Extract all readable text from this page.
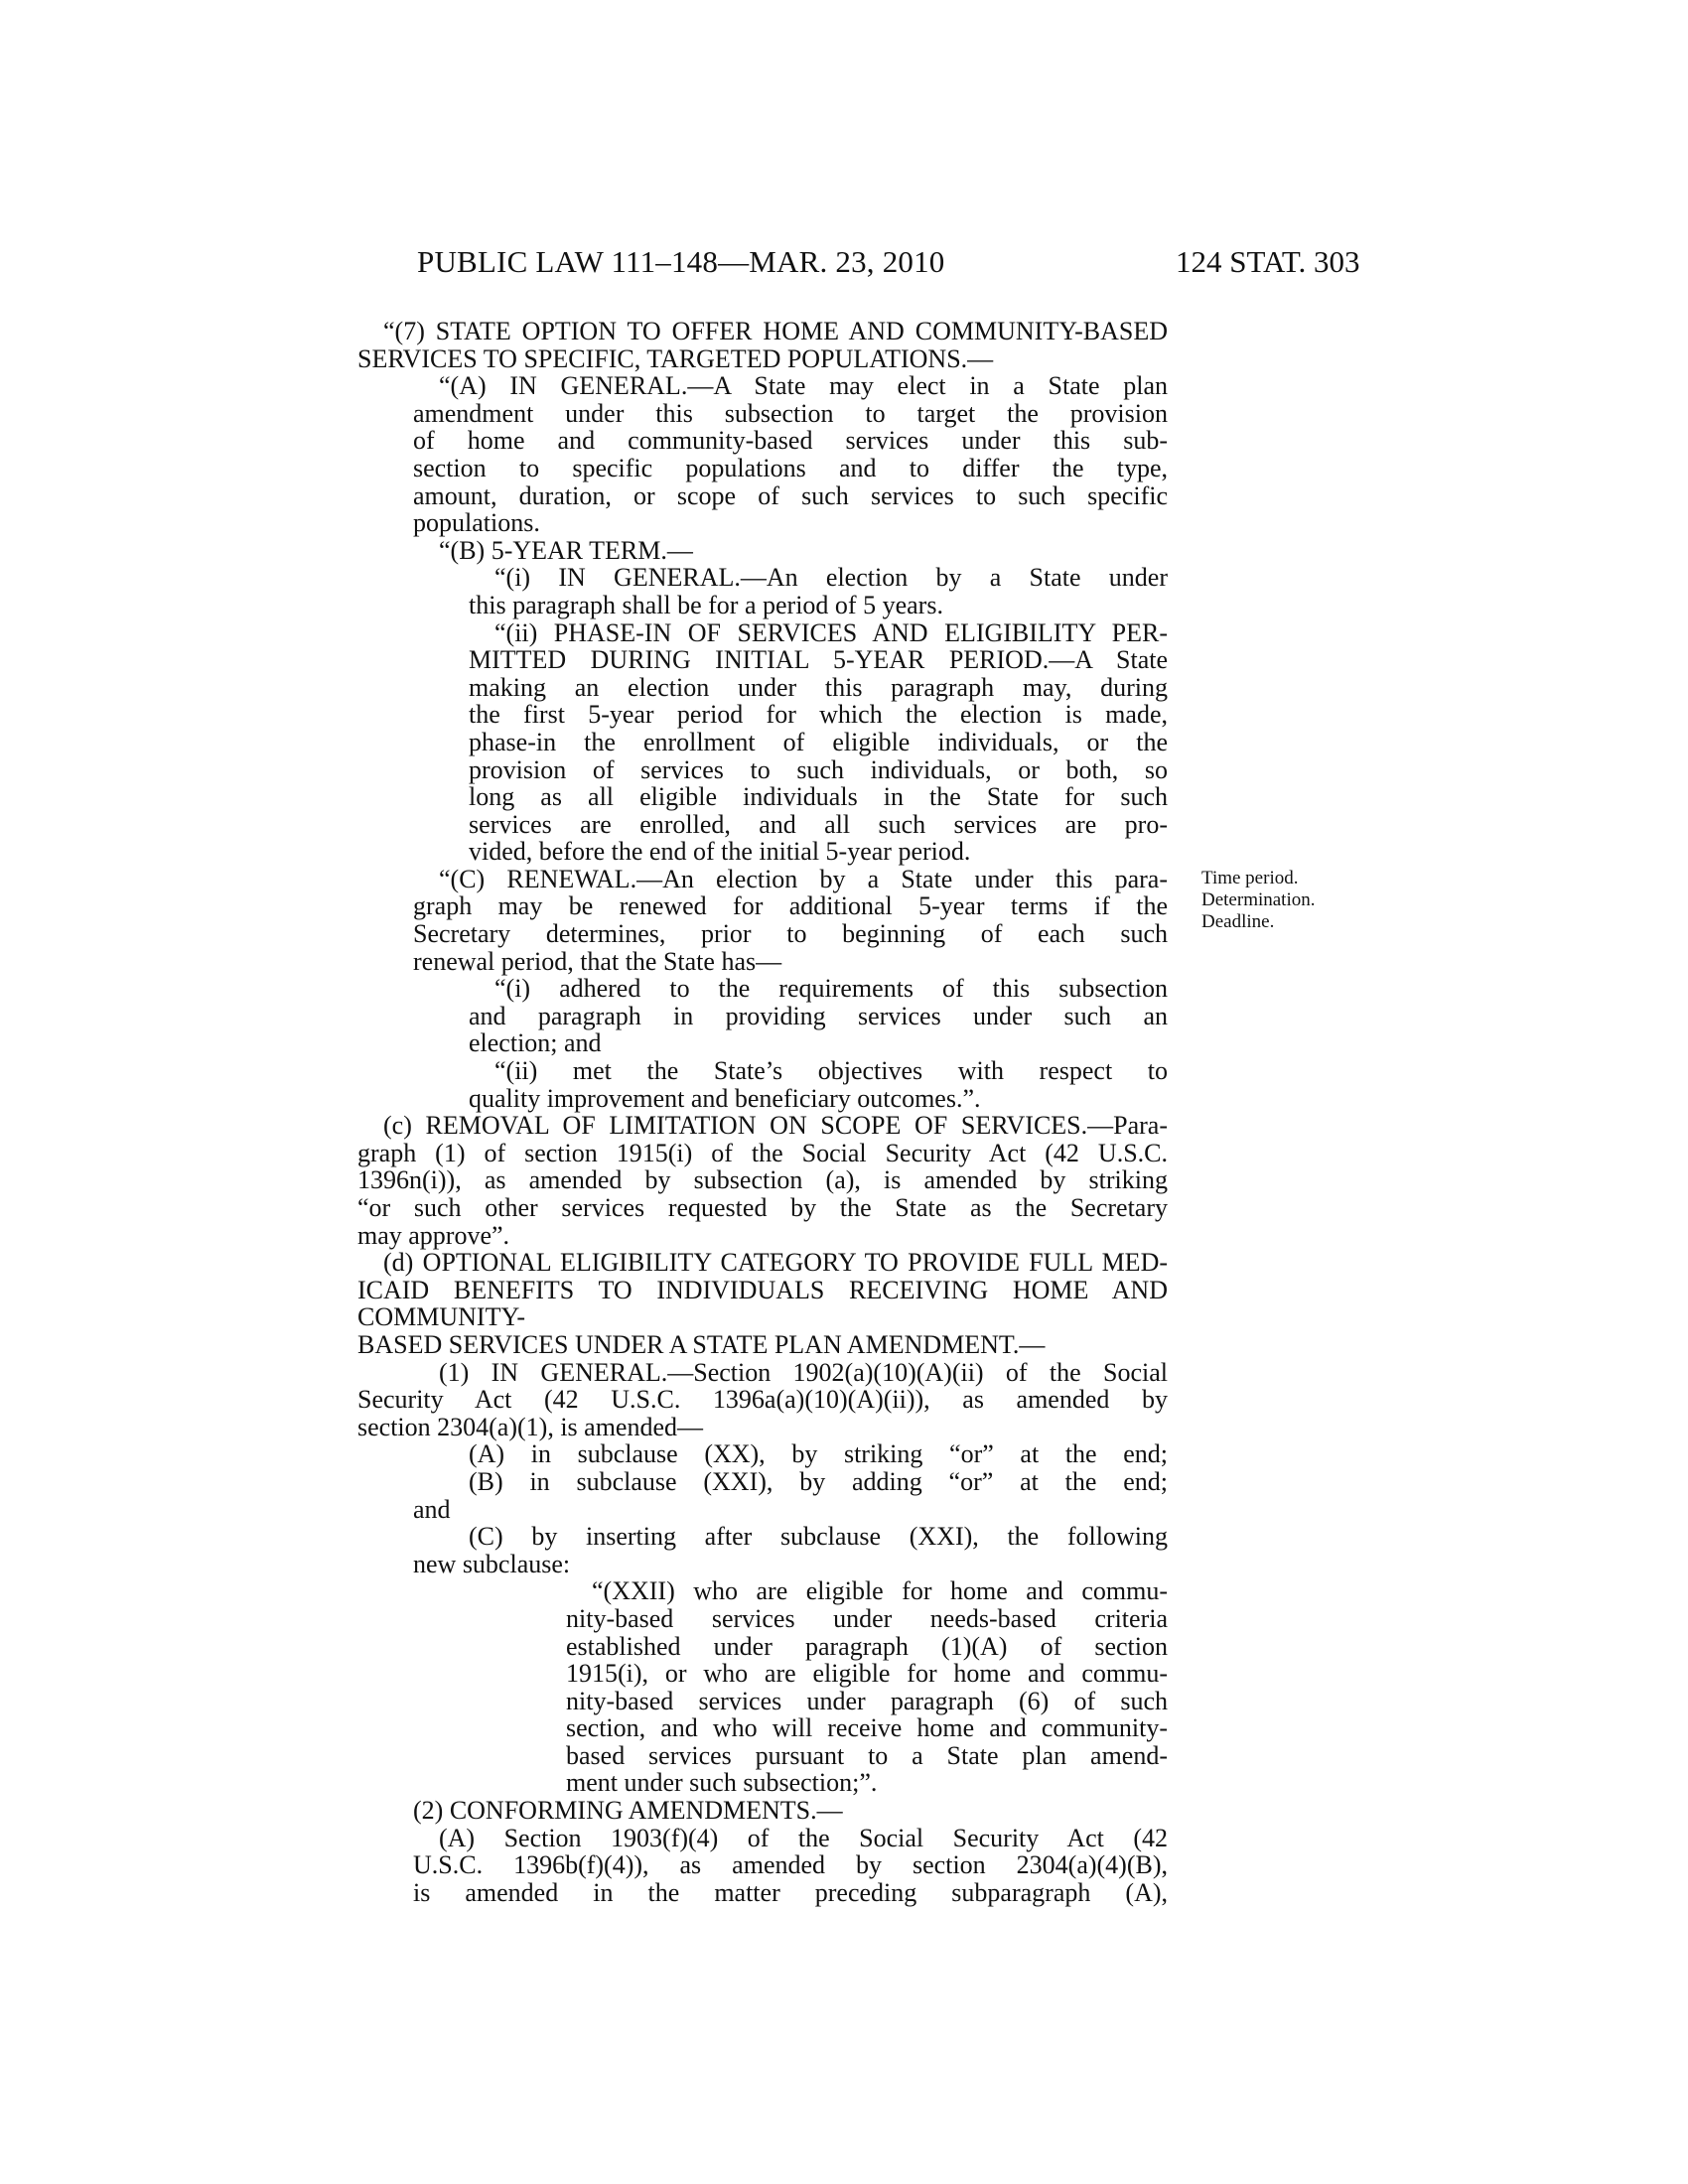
PUBLIC LAW 111–148—MAR. 23, 2010	124 STAT. 303
“(7) STATE OPTION TO OFFER HOME AND COMMUNITY-BASED
SERVICES TO SPECIFIC, TARGETED POPULATIONS.—
“(A) IN GENERAL.—A State may elect in a State plan
amendment under this subsection to target the provision
of home and community-based services under this sub-
section to specific populations and to differ the type,
amount, duration, or scope of such services to such specific
populations.
“(B) 5-YEAR TERM.—
“(i) IN GENERAL.—An election by a State under
this paragraph shall be for a period of 5 years.
“(ii) PHASE-IN OF SERVICES AND ELIGIBILITY PER-
MITTED DURING INITIAL 5-YEAR PERIOD.—A State
making an election under this paragraph may, during
the first 5-year period for which the election is made,
phase-in the enrollment of eligible individuals, or the
provision of services to such individuals, or both, so
long as all eligible individuals in the State for such
services are enrolled, and all such services are pro-
vided, before the end of the initial 5-year period.
“(C) RENEWAL.—An election by a State under this para-
graph may be renewed for additional 5-year terms if the
Secretary determines, prior to beginning of each such
renewal period, that the State has—
“(i) adhered to the requirements of this subsection
and paragraph in providing services under such an
election; and
“(ii) met the State’s objectives with respect to
quality improvement and beneficiary outcomes.”.
(c) REMOVAL OF LIMITATION ON SCOPE OF SERVICES.—Para-
graph (1) of section 1915(i) of the Social Security Act (42 U.S.C.
1396n(i)), as amended by subsection (a), is amended by striking
“or such other services requested by the State as the Secretary
may approve”.
(d) OPTIONAL ELIGIBILITY CATEGORY TO PROVIDE FULL MED-
ICAID BENEFITS TO INDIVIDUALS RECEIVING HOME AND COMMUNITY-
BASED SERVICES UNDER A STATE PLAN AMENDMENT.—
(1) IN GENERAL.—Section 1902(a)(10)(A)(ii) of the Social
Security Act (42 U.S.C. 1396a(a)(10)(A)(ii)), as amended by
section 2304(a)(1), is amended—
(A) in subclause (XX), by striking “or” at the end;
(B) in subclause (XXI), by adding “or” at the end;
and
(C) by inserting after subclause (XXI), the following
new subclause:
“(XXII) who are eligible for home and commu-
nity-based services under needs-based criteria
established under paragraph (1)(A) of section
1915(i), or who are eligible for home and commu-
nity-based services under paragraph (6) of such
section, and who will receive home and community-
based services pursuant to a State plan amend-
ment under such subsection;”.
(2) CONFORMING AMENDMENTS.—
(A) Section 1903(f)(4) of the Social Security Act (42
U.S.C. 1396b(f)(4)), as amended by section 2304(a)(4)(B),
is amended in the matter preceding subparagraph (A),
Time period.
Determination.
Deadline.
